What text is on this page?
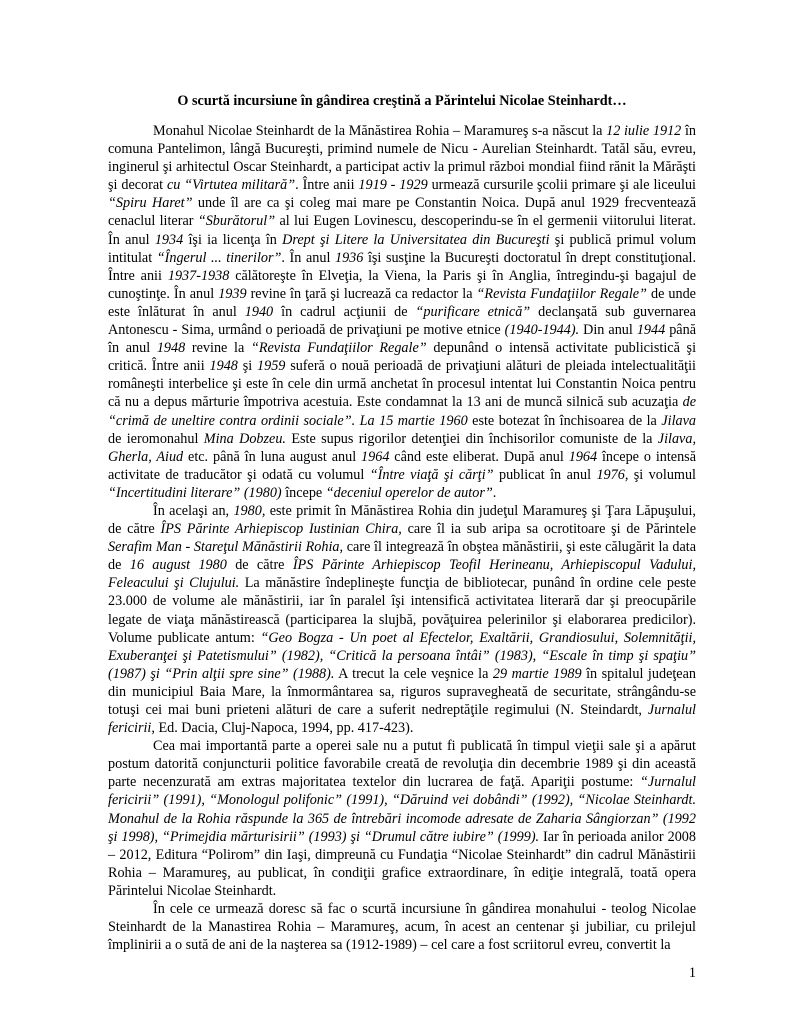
O scurtă incursiune în gândirea creştină a Părintelui Nicolae Steinhardt…

Monahul Nicolae Steinhardt de la Mănăstirea Rohia – Maramureş s-a născut la 12 iulie 1912 în comuna Pantelimon, lângă Bucureşti, primind numele de Nicu - Aurelian Steinhardt. Tatăl său, evreu, inginerul şi arhitectul Oscar Steinhardt, a participat activ la primul război mondial fiind rănit la Mărăşti şi decorat cu “Virtutea militară”. Între anii 1919 - 1929 urmează cursurile şcolii primare şi ale liceului “Spiru Haret” unde îl are ca şi coleg mai mare pe Constantin Noica. După anul 1929 frecventează cenaclul literar “Sburătorul” al lui Eugen Lovinescu, descoperindu-se în el germenii viitorului literat. În anul 1934 îşi ia licenţa în Drept şi Litere la Universitatea din Bucureşti şi publică primul volum intitulat “Îngerul ... tinerilor”. În anul 1936 îşi susţine la Bucureşti doctoratul în drept constituţional. Între anii 1937-1938 călătoreşte în Elveţia, la Viena, la Paris şi în Anglia, întregindu-şi bagajul de cunoştinţe. În anul 1939 revine în ţară şi lucrează ca redactor la “Revista Fundaţiilor Regale” de unde este înlăturat în anul 1940 în cadrul acţiunii de “purificare etnică” declanşată sub guvernarea Antonescu - Sima, urmând o perioadă de privaţiuni pe motive etnice (1940-1944). Din anul 1944 până în anul 1948 revine la “Revista Fundaţiilor Regale” depunând o intensă activitate publicistică şi critică. Între anii 1948 şi 1959 suferă o nouă perioadă de privaţiuni alături de pleiada intelectualităţii româneşti interbelice şi este în cele din urmă anchetat în procesul intentat lui Constantin Noica pentru că nu a depus mărturie împotriva acestuia. Este condamnat la 13 ani de muncă silnică sub acuzaţia de “crimă de uneltire contra ordinii sociale”. La 15 martie 1960 este botezat în închisoarea de la Jilava de ieromonahul Mina Dobzeu. Este supus rigorilor detenţiei din închisorilor comuniste de la Jilava, Gherla, Aiud etc. până în luna august anul 1964 când este eliberat. După anul 1964 începe o intensă activitate de traducător şi odată cu volumul “Între viaţă şi cărţi” publicat în anul 1976, şi volumul “Incertitudini literare” (1980) începe “deceniul operelor de autor”.

În acelaşi an, 1980, este primit în Mănăstirea Rohia din judeţul Maramureş şi Ţara Lăpuşului, de către ÎPS Părinte Arhiepiscop Iustinian Chira, care îl ia sub aripa sa ocrotitoare şi de Părintele Serafim Man - Stareţul Mănăstirii Rohia, care îl integrează în obştea mănăstirii, şi este călugărit la data de 16 august 1980 de către ÎPS Părinte Arhiepiscop Teofil Herineanu, Arhiepiscopul Vadului, Feleacului şi Clujului. La mănăstire îndeplineşte funcţia de bibliotecar, punând în ordine cele peste 23.000 de volume ale mănăstirii, iar în paralel îşi intensifică activitatea literară dar şi preocupările legate de viaţa mănăstirească (participarea la slujbă, povăţuirea pelerinilor şi elaborarea predicilor). Volume publicate antum: “Geo Bogza - Un poet al Efectelor, Exaltării, Grandiosului, Solemnităţii, Exuberanţei şi Patetismului” (1982), “Critică la persoana întâi” (1983), “Escale în timp şi spaţiu” (1987) şi “Prin alţii spre sine” (1988). A trecut la cele veşnice la 29 martie 1989 în spitalul judeţean din municipiul Baia Mare, la înmormântarea sa, riguros supravegheată de securitate, strângându-se totuşi cei mai buni prieteni alături de care a suferit nedreptăţile regimului (N. Steindardt, Jurnalul fericirii, Ed. Dacia, Cluj-Napoca, 1994, pp. 417-423).

Cea mai importantă parte a operei sale nu a putut fi publicată în timpul vieţii sale şi a apărut postum datorită conjuncturii politice favorabile creată de revoluţia din decembrie 1989 şi din această parte necenzurată am extras majoritatea textelor din lucrarea de faţă. Apariţii postume: “Jurnalul fericirii” (1991), “Monologul polifonic” (1991), “Dăruind vei dobândi” (1992), “Nicolae Steinhardt. Monahul de la Rohia răspunde la 365 de întrebări incomode adresate de Zaharia Sângiorzan” (1992 şi 1998), “Primejdia mărturisirii” (1993) şi “Drumul către iubire” (1999). Iar în perioada anilor 2008 – 2012, Editura “Polirom” din Iaşi, dimpreună cu Fundaţia “Nicolae Steinhardt” din cadrul Mănăstirii Rohia – Maramureş, au publicat, în condiţii grafice extraordinare, în ediţie integrală, toată opera Părintelui Nicolae Steinhardt.

În cele ce urmează doresc să fac o scurtă incursiune în gândirea monahului - teolog Nicolae Steinhardt de la Manastirea Rohia – Maramureş, acum, în acest an centenar şi jubiliar, cu prilejul împlinirii a o sută de ani de la naşterea sa (1912-1989) – cel care a fost scriitorul evreu, convertit la

1
